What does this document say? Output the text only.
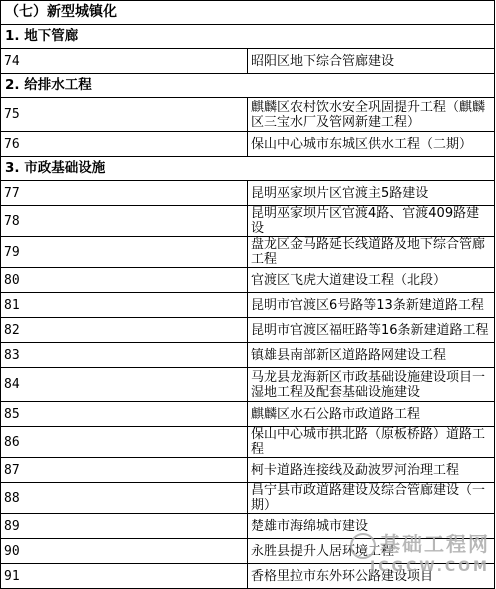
（七）新型城镇化	
1. 地下管廊	
74	昭阳区地下综合管廊建设
2. 给排水工程	
75	麒麟区农村饮水安全巩固提升工程（麒麟区三宝水厂及管网新建工程）

76	保山中心城市东城区供水工程（二期）
3. 市政基础设施	
77	昆明巫家坝片区官渡主5路建设
78	昆明巫家坝片区官渡4路、官渡409路建设
79	盘龙区金马路延长线道路及地下综合管廊工程
80	官渡区飞虎大道建设工程（北段）
81	昆明市官渡区6号路等13条新建道路工程
82	昆明市官渡区福旺路等16条新建道路工程
83	镇雄县南部新区道路路网建设工程
84	马龙县龙海新区市政基础设施建设项目一湿地工程及配套基础设施建设

85	麒麟区水石公路市政道路工程
86	保山中心城市拱北路（原板桥路）道路工程
87	柯卡道路连接线及勐波罗河治理工程
88	昌宁县市政道路建设及综合管廊建设（一期）
89	楚雄市海绵城市建设
90	永胜县提升人居环境工程
91	香格里拉市东外环公路建设项目
基础工程网
JCGCW.COM
